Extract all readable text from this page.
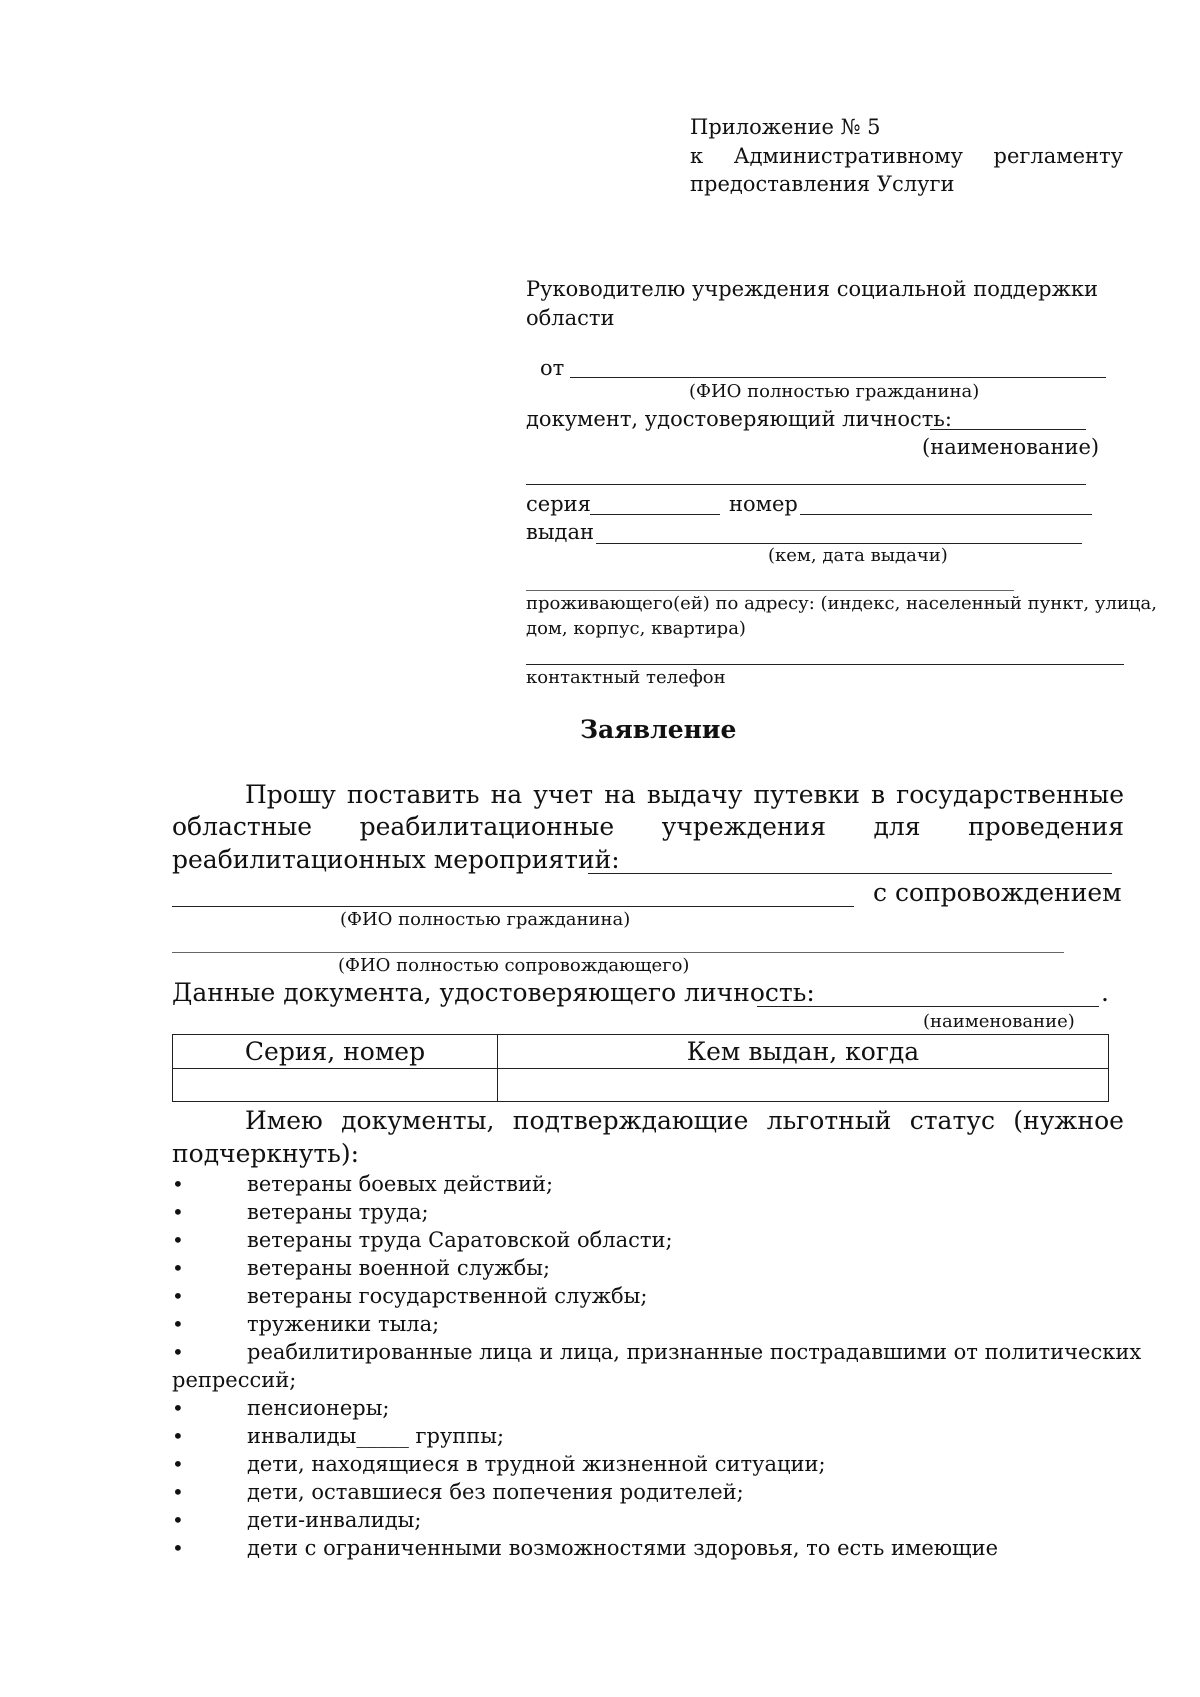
Приложение № 5
к Административному регламенту
предоставления Услуги
Руководителю учреждения социальной поддержки
области
от
(ФИО полностью гражданина)
документ, удостоверяющий личность:
(наименование)
серия	номер
выдан
(кем, дата выдачи)
проживающего(ей) по адресу: (индекс, населенный пункт, улица,
дом, корпус, квартира)
контактный телефон
Заявление
Прошу поставить на учет на выдачу путевки в государственные
областные реабилитационные учреждения для проведения
реабилитационных мероприятий:
с сопровождением
(ФИО полностью гражданина)
(ФИО полностью сопровождающего)
Данные документа, удостоверяющего личность:	.
(наименование)
Серия, номер	Кем выдан, когда

Имею документы, подтверждающие льготный статус (нужное
подчеркнуть):
•	ветераны боевых действий;
•	ветераны труда;
•	ветераны труда Саратовской области;
•	ветераны военной службы;
•	ветераны государственной службы;
•	труженики тыла;
•	реабилитированные лица и лица, признанные пострадавшими от политических
репрессий;
•	пенсионеры;
•	инвалиды_____ группы;
•	дети, находящиеся в трудной жизненной ситуации;
•	дети, оставшиеся без попечения родителей;
•	дети-инвалиды;
•	дети с ограниченными возможностями здоровья, то есть имеющие
